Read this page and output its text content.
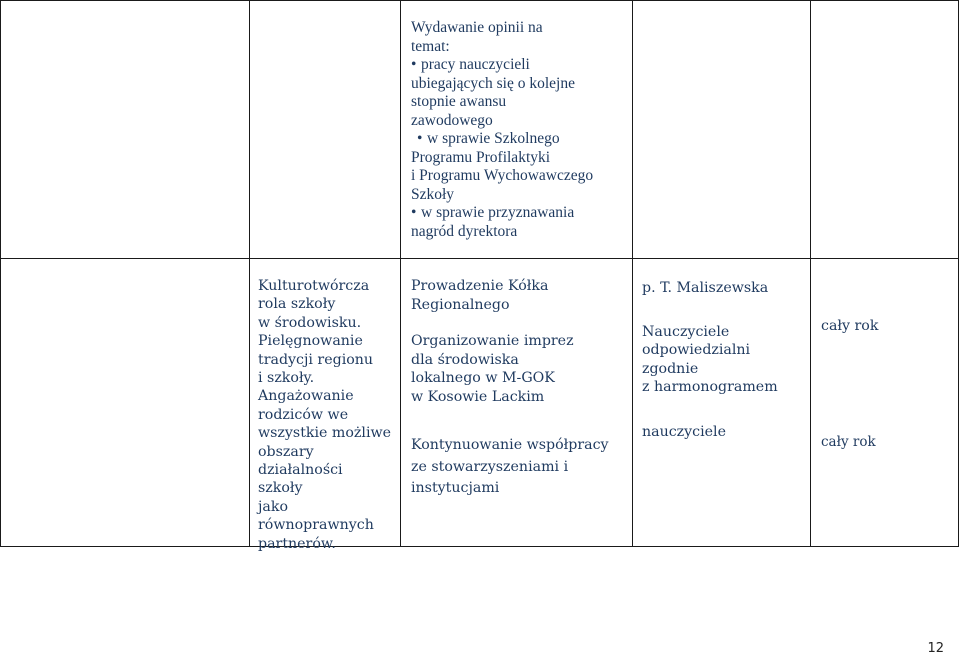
Wydawanie opinii na
temat:
• pracy nauczycieli
ubiegających się o kolejne
stopnie awansu
zawodowego
• w sprawie Szkolnego
Programu Profilaktyki
i Programu Wychowawczego
Szkoły
• w sprawie przyznawania
nagród dyrektora
Kulturotwórcza
rola szkoły
w środowisku.
Pielęgnowanie
tradycji regionu
i szkoły.
Angażowanie
rodziców we
wszystkie możliwe
obszary
działalności
szkoły
jako
równoprawnych
partnerów.
Prowadzenie Kółka
Regionalnego
Organizowanie imprez
dla środowiska
lokalnego w M-GOK
w Kosowie Lackim
Kontynuowanie współpracy
ze stowarzyszeniami i
instytucjami
p. T. Maliszewska
Nauczyciele
odpowiedzialni
zgodnie
z harmonogramem
nauczyciele
cały rok
cały rok
12
